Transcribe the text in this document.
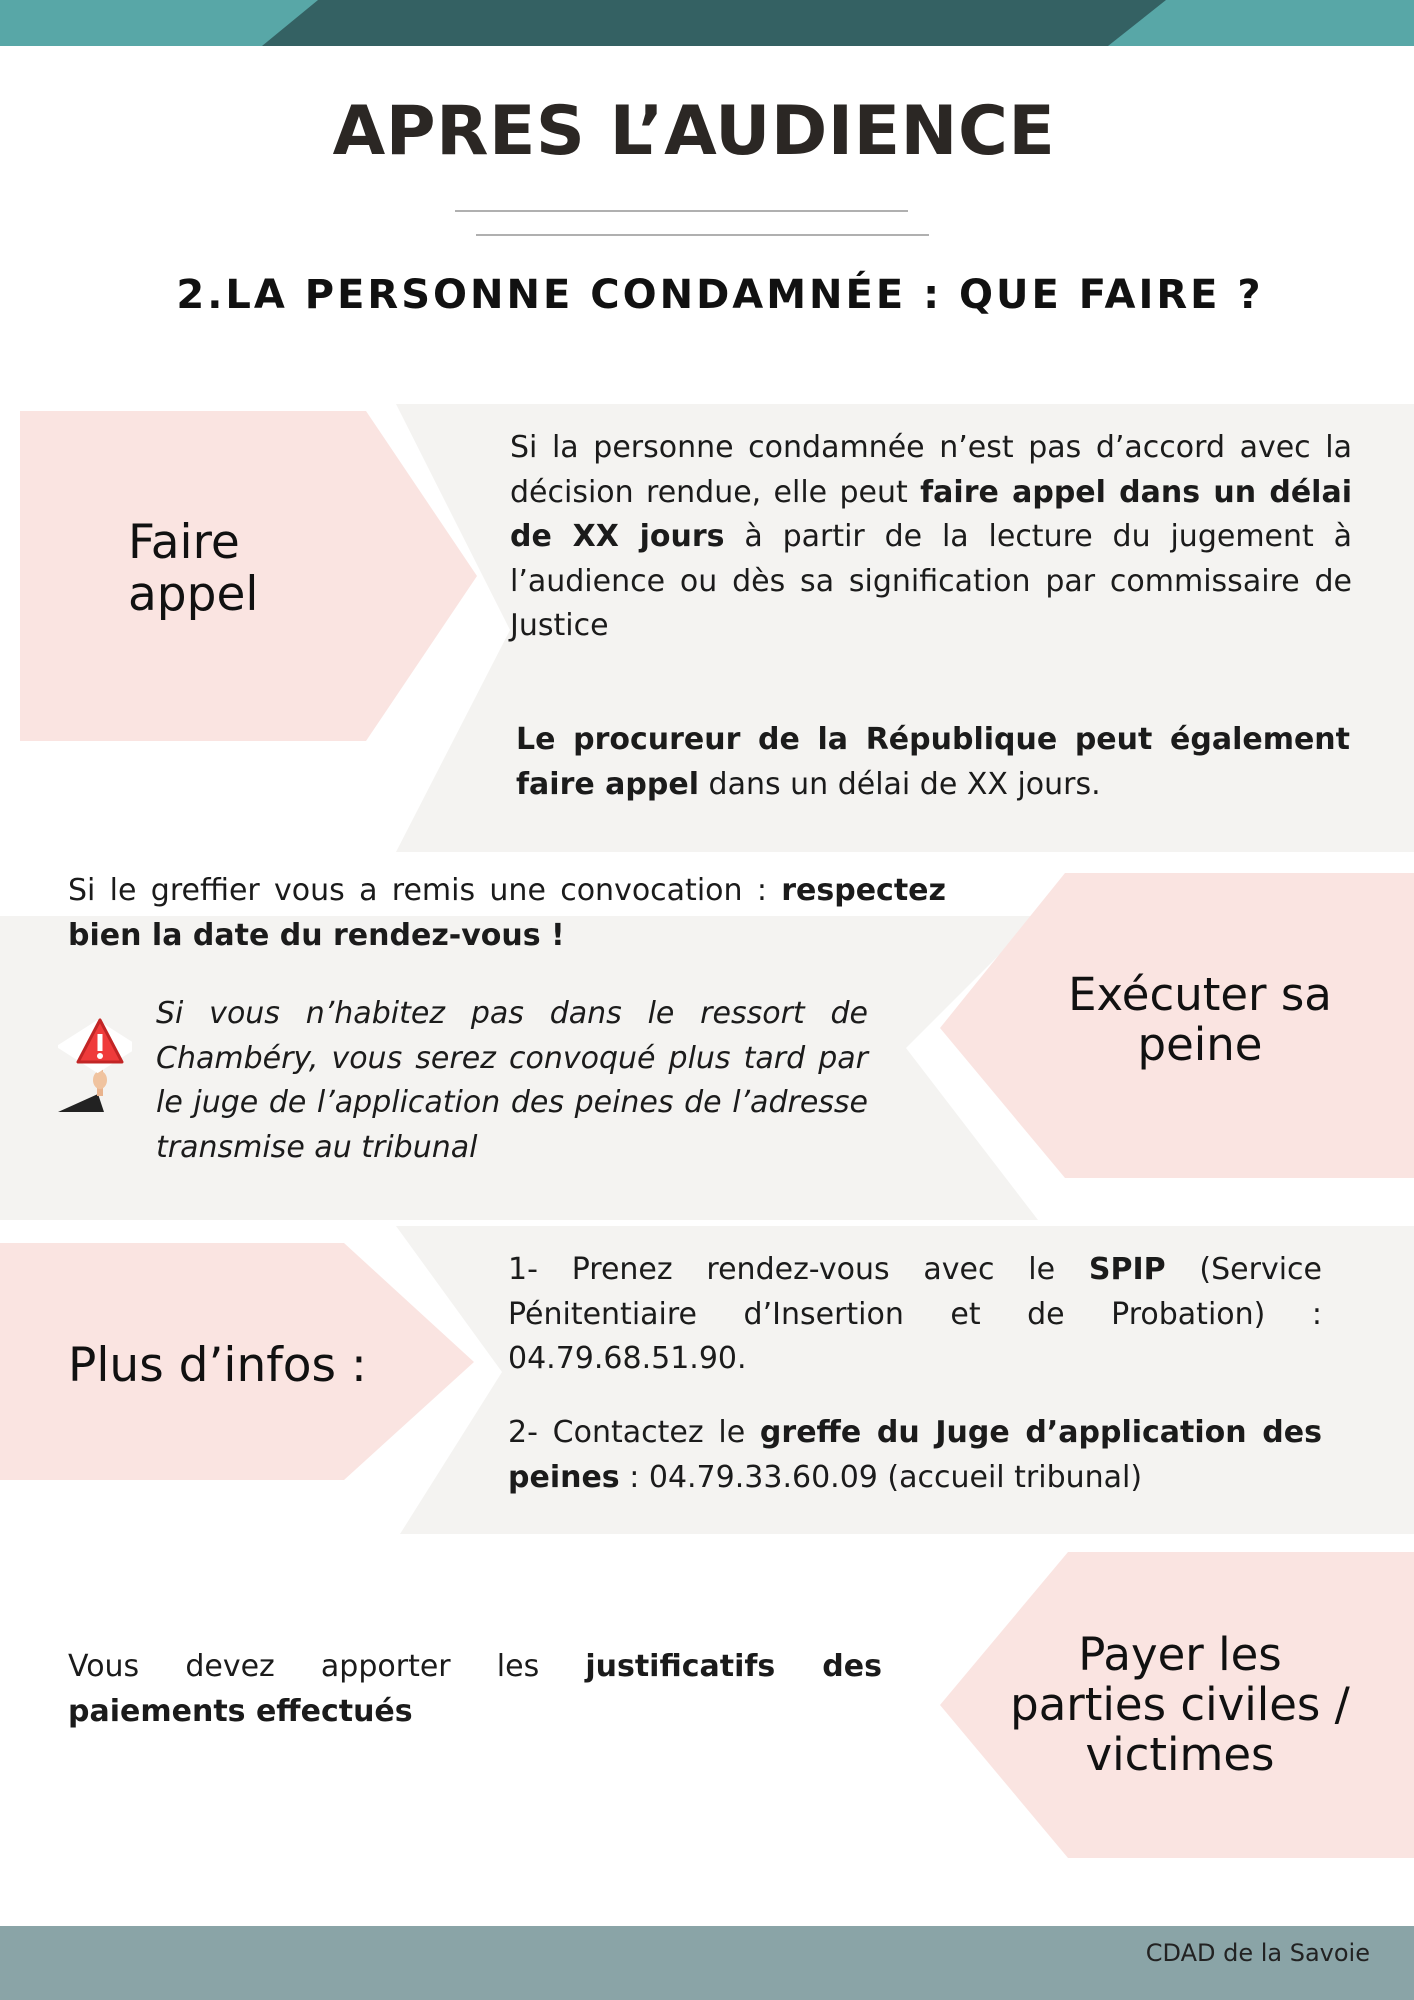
APRES L’AUDIENCE
2.LA PERSONNE CONDAMNÉE : QUE FAIRE ?
Faire
appel
Si la personne condamnée n’est pas d’accord avec la décision rendue, elle peut faire appel dans un délai de XX jours à partir de la lecture du jugement à l’audience ou dès sa signification par commissaire de Justice
Le procureur de la République peut également faire appel dans un délai de XX jours.
Exécuter sa
peine
Si le greffier vous a remis une convocation : respectez bien la date du rendez-vous !
Si vous n’habitez pas dans le ressort de Chambéry, vous serez convoqué plus tard par le juge de l’application des peines de l’adresse transmise au tribunal
Plus d’infos :
1- Prenez rendez-vous avec le SPIP (Service Pénitentiaire d’Insertion et de Probation) : 04.79.68.51.90.
2- Contactez le greffe du Juge d’application des peines : 04.79.33.60.09 (accueil tribunal)
Payer les
parties civiles /
victimes
Vous devez apporter les justificatifs des paiements effectués
CDAD de la Savoie
